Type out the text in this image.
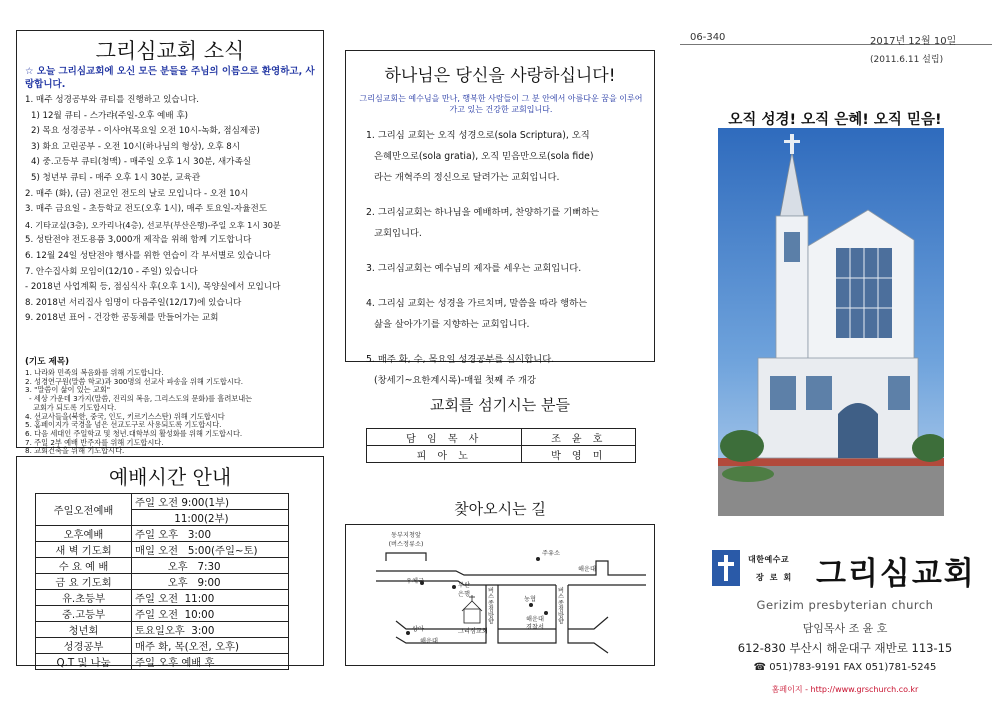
그리심교회 소식
☆ 오늘 그리심교회에 오신 모든 분들을 주님의 이름으로 환영하고, 사랑합니다.
1. 매주 성경공부와 큐티를 진행하고 있습니다.
1) 12월 큐티 - 스가랴(주일-오후 예배 후)
2) 목요 성경공부 - 이사야(목요일 오전 10시-녹화, 점심제공)
3) 화요 고린공부 - 오전 10시(하나님의 형상), 오후 8시
4) 중.고등부 큐티(청맥) - 매주일 오후 1시 30분, 새가족실
5) 청년부 큐티 - 매주 오후 1시 30분, 교육관
2. 매주 (화), (금) 전교인 전도의 날로 모입니다 - 오전 10시
3. 매주 금요일 - 초등학교 전도(오후 1시), 매주 토요일-자율전도
4. 기타교실(3층), 오카리나(4층), 선교부(부산은행)-주일 오후 1시 30분
5. 성탄전야 전도용품 3,000개 제작을 위해 함께 기도합니다
6. 12월 24일 성탄전야 행사를 위한 연습이 각 부서별로 있습니다
7. 안수집사회 모임이(12/10 - 주일) 있습니다
- 2018년 사업계획 등, 점심식사 후(오후 1시), 목양실에서 모입니다
8. 2018년 서리집사 임명이 다음주일(12/17)에 있습니다
9. 2018년 표어 - 건강한 공동체를 만들어가는 교회
(기도 제목)
1. 나라와 민족의 복음화를 위해 기도합니다.
2. 성경연구원(말씀 학교)과 300명의 선교사 파송을 위해 기도합시다.
3. "말씀이 삶이 있는 교회"
- 세상 가운데 3가지(말씀, 진리의 복음, 그리스도의 문화)를 흘려보내는
교회가 되도록 기도합시다.
4. 선교사들을(북한, 중국, 인도, 키르기스스탄) 위해 기도합시다
5. 홈페이지가 국경을 넘은 선교도구로 사용되도록 기도합시다.
6. 다음 세대인 주일학교 및 청년.대학부의 활성화를 위해 기도합시다.
7. 주일 2부 예배 반주자를 위해 기도합시다.
8. 교회건축을 위해 기도합시다.
예배시간 안내
주일오전예배	주일 오전 9:00(1부)
	11:00(2부)
오후예배	주일 오후   3:00
새 벽 기도회	매일 오전   5:00(주일~토)
수 요 예 배	오후   7:30
금 요 기도회	오후   9:00
유.초등부	주일 오전  11:00
중.고등부	주일 오전  10:00
청년회	토요일오후  3:00
성경공부	매주 화, 목(오전, 오후)
Q.T 및 나눔	주일 오후 예배 후
하나님은 당신을 사랑하십니다!
그리심교회는 예수님을 만나, 행복한 사람들이 그 분 안에서 아름다운 꿈을 이루어가고 있는 건강한 교회입니다.
1. 그리심 교회는 오직 성경으로(sola Scriptura), 오직
은혜만으로(sola gratia), 오직 믿음만으로(sola fide)
라는 개혁주의 정신으로 달려가는 교회입니다.
2. 그리심교회는 하나님을 예배하며, 찬양하기를 기뻐하는
교회입니다.
3. 그리심교회는 예수님의 제자를 세우는 교회입니다.
4. 그리심 교회는 성경을 가르치며, 말씀을 따라 행하는
삶을 살아가기를 지향하는 교회입니다.
5. 매주 화, 수, 목요일 성경공부를 실시합니다.
(창세기~요한계시록)-매월 첫째 주 개강
교회를 섬기시는 분들
담 임 목 사	조 윤 호
피 아 노	박 영 미
찾아오시는 길
동부지청앞
(버스정류소)
우체국
부산
은행
주유소
해운대
버스종점방향	농협	버스종점방향
해운대
경찰서
그리심교회
상아
해운대
06-340	2017년 12월 10일
(2011.6.11 설립)
오직 성경! 오직 은혜! 오직 믿음!
대한예수교
장로회 그리심교회
Gerizim presbyterian church
담임목사 조 윤 호
612-830 부산시 해운대구 재반로 113-15
☎ 051)783-9191 FAX 051)781-5245
홈페이지 - http://www.grschurch.co.kr
